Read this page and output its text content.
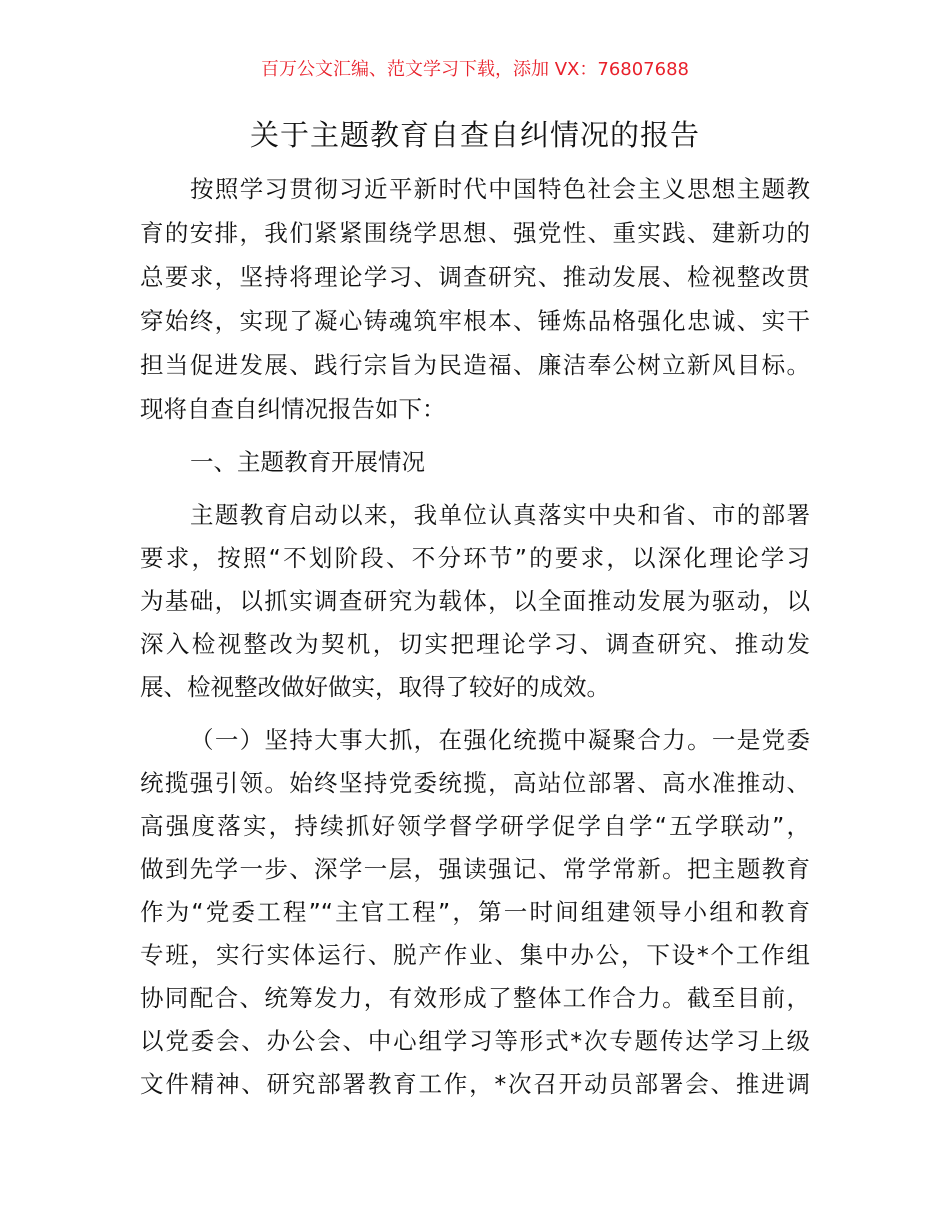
百万公文汇编、范文学习下载，添加 VX：76807688
关于主题教育自查自纠情况的报告
按照学习贯彻习近平新时代中国特色社会主义思想主题教
育的安排，我们紧紧围绕学思想、强党性、重实践、建新功的
总要求，坚持将理论学习、调查研究、推动发展、检视整改贯
穿始终，实现了凝心铸魂筑牢根本、锤炼品格强化忠诚、实干
担当促进发展、践行宗旨为民造福、廉洁奉公树立新风目标。
现将自查自纠情况报告如下：
一、主题教育开展情况
主题教育启动以来，我单位认真落实中央和省、市的部署
要求，按照“不划阶段、不分环节”的要求，以深化理论学习
为基础，以抓实调查研究为载体，以全面推动发展为驱动，以
深入检视整改为契机，切实把理论学习、调查研究、推动发
展、检视整改做好做实，取得了较好的成效。
（一）坚持大事大抓，在强化统揽中凝聚合力。一是党委
统揽强引领。始终坚持党委统揽，高站位部署、高水准推动、
高强度落实，持续抓好领学督学研学促学自学“五学联动”，
做到先学一步、深学一层，强读强记、常学常新。把主题教育
作为“党委工程”“主官工程”，第一时间组建领导小组和教育
专班，实行实体运行、脱产作业、集中办公，下设*个工作组
协同配合、统筹发力，有效形成了整体工作合力。截至目前，
以党委会、办公会、中心组学习等形式*次专题传达学习上级
文件精神、研究部署教育工作，*次召开动员部署会、推进调
